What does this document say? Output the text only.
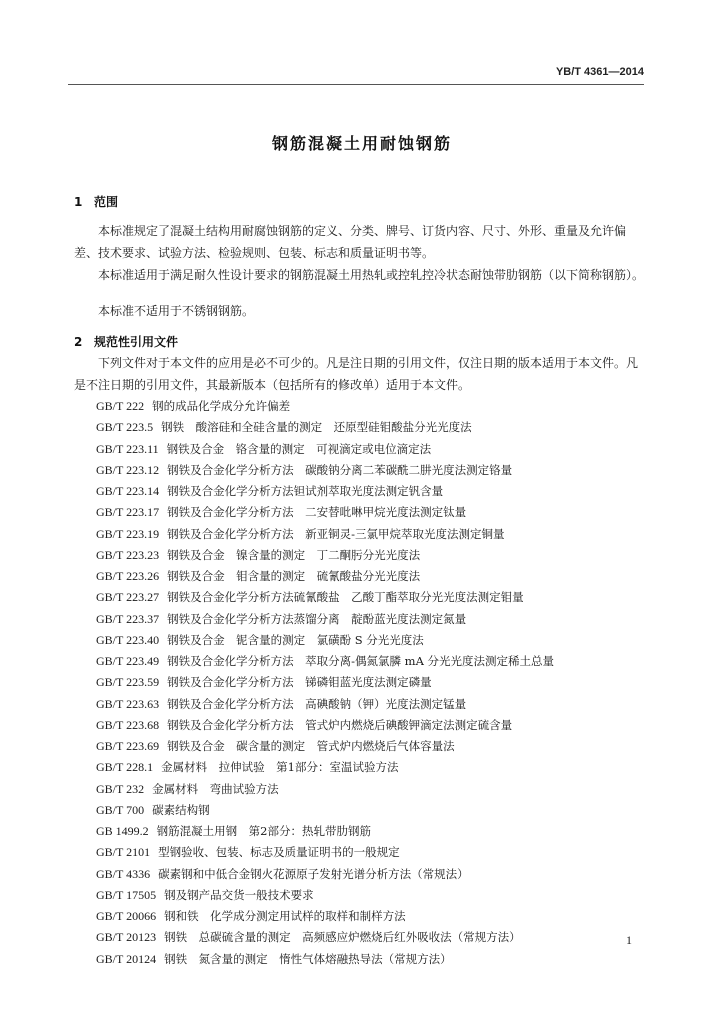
YB/T 4361—2014
钢筋混凝土用耐蚀钢筋
1 范围
本标准规定了混凝土结构用耐腐蚀钢筋的定义、分类、牌号、订货内容、尺寸、外形、重量及允许偏差、技术要求、试验方法、检验规则、包装、标志和质量证明书等。
本标准适用于满足耐久性设计要求的钢筋混凝土用热轧或控轧控冷状态耐蚀带肋钢筋（以下简称钢筋）。
本标准不适用于不锈钢钢筋。
2 规范性引用文件
下列文件对于本文件的应用是必不可少的。凡是注日期的引用文件，仅注日期的版本适用于本文件。凡是不注日期的引用文件，其最新版本（包括所有的修改单）适用于本文件。
GB/T 222 钢的成品化学成分允许偏差
GB/T 223.5 钢铁　酸溶硅和全硅含量的测定　还原型硅钼酸盐分光光度法
GB/T 223.11 钢铁及合金　铬含量的测定　可视滴定或电位滴定法
GB/T 223.12 钢铁及合金化学分析方法　碳酸钠分离二苯碳酰二肼光度法测定铬量
GB/T 223.14 钢铁及合金化学分析方法钽试剂萃取光度法测定钒含量
GB/T 223.17 钢铁及合金化学分析方法　二安替吡啉甲烷光度法测定钛量
GB/T 223.19 钢铁及合金化学分析方法　新亚铜灵-三氯甲烷萃取光度法测定铜量
GB/T 223.23 钢铁及合金　镍含量的测定　丁二酮肟分光光度法
GB/T 223.26 钢铁及合金　钼含量的测定　硫氰酸盐分光光度法
GB/T 223.27 钢铁及合金化学分析方法硫氰酸盐　乙酸丁酯萃取分光光度法测定钼量
GB/T 223.37 钢铁及合金化学分析方法蒸馏分离　靛酚蓝光度法测定氮量
GB/T 223.40 钢铁及合金　铌含量的测定　氯磺酚 S 分光光度法
GB/T 223.49 钢铁及合金化学分析方法　萃取分离-偶氮氯膦 mA 分光光度法测定稀土总量
GB/T 223.59 钢铁及合金化学分析方法　锑磷钼蓝光度法测定磷量
GB/T 223.63 钢铁及合金化学分析方法　高碘酸钠（钾）光度法测定锰量
GB/T 223.68 钢铁及合金化学分析方法　管式炉内燃烧后碘酸钾滴定法测定硫含量
GB/T 223.69 钢铁及合金　碳含量的测定　管式炉内燃烧后气体容量法
GB/T 228.1 金属材料　拉伸试验　第1部分：室温试验方法
GB/T 232 金属材料　弯曲试验方法
GB/T 700 碳素结构钢
GB 1499.2 钢筋混凝土用钢　第2部分：热轧带肋钢筋
GB/T 2101 型钢验收、包装、标志及质量证明书的一般规定
GB/T 4336 碳素钢和中低合金钢火花源原子发射光谱分析方法（常规法）
GB/T 17505 钢及钢产品交货一般技术要求
GB/T 20066 钢和铁　化学成分测定用试样的取样和制样方法
GB/T 20123 钢铁　总碳硫含量的测定　高频感应炉燃烧后红外吸收法（常规方法）
GB/T 20124 钢铁　氮含量的测定　惰性气体熔融热导法（常规方法）
1
